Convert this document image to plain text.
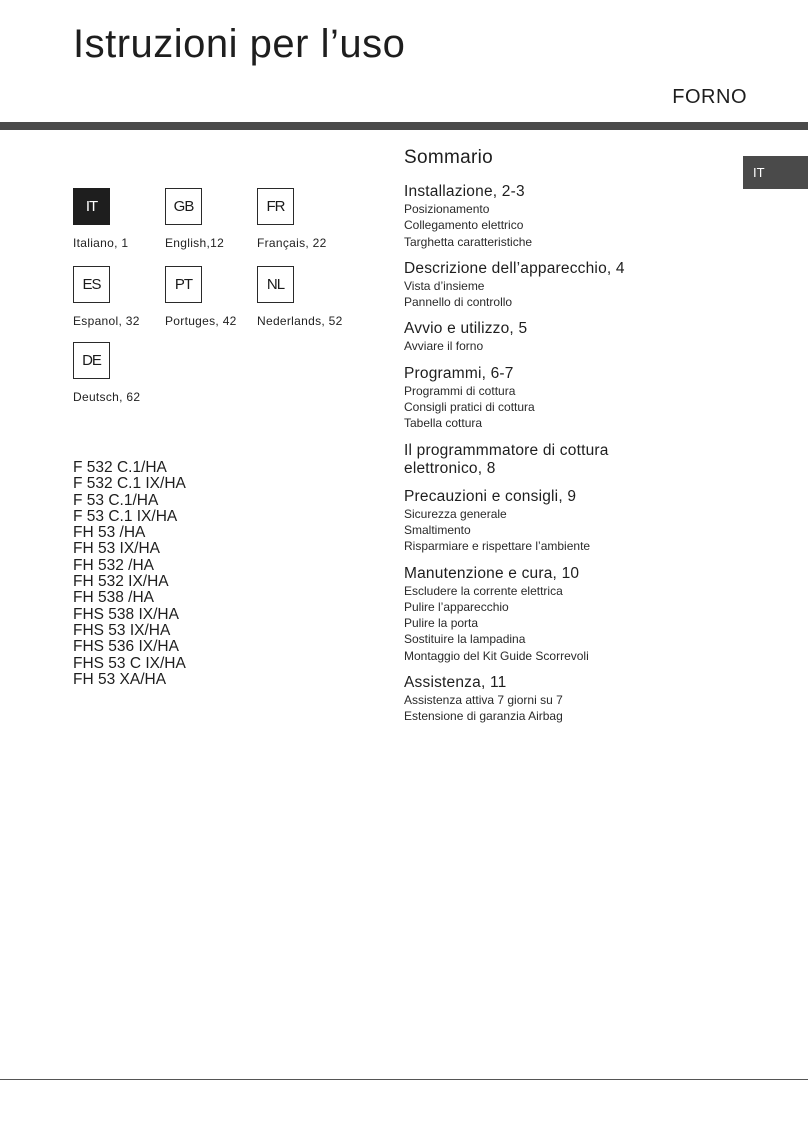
Istruzioni per l’uso
FORNO
IT
IT
Italiano, 1
GB
English,12
FR
Français, 22
ES
Espanol, 32
PT
Portuges, 42
NL
Nederlands, 52
DE
Deutsch, 62
F 532 C.1/HA
F 532 C.1 IX/HA
F 53 C.1/HA
F 53 C.1 IX/HA
FH 53 /HA
FH 53 IX/HA
FH 532 /HA
FH 532 IX/HA
FH 538 /HA
FHS 538 IX/HA
FHS 53 IX/HA
FHS 536 IX/HA
FHS 53 C IX/HA
FH 53 XA/HA
Sommario
Installazione, 2-3
Posizionamento
Collegamento elettrico
Targhetta caratteristiche
Descrizione dell’apparecchio, 4
Vista d’insieme
Pannello di controllo
Avvio e utilizzo, 5
Avviare il forno
Programmi, 6-7
Programmi di cottura
Consigli pratici di cottura
Tabella cottura
Il programmmatore di cottura
elettronico, 8
Precauzioni e consigli, 9
Sicurezza generale
Smaltimento
Risparmiare e rispettare l’ambiente
Manutenzione e cura, 10
Escludere la corrente elettrica
Pulire l’apparecchio
Pulire la porta
Sostituire la lampadina
Montaggio del Kit Guide Scorrevoli
Assistenza, 11
Assistenza attiva 7 giorni su 7
Estensione di garanzia Airbag
